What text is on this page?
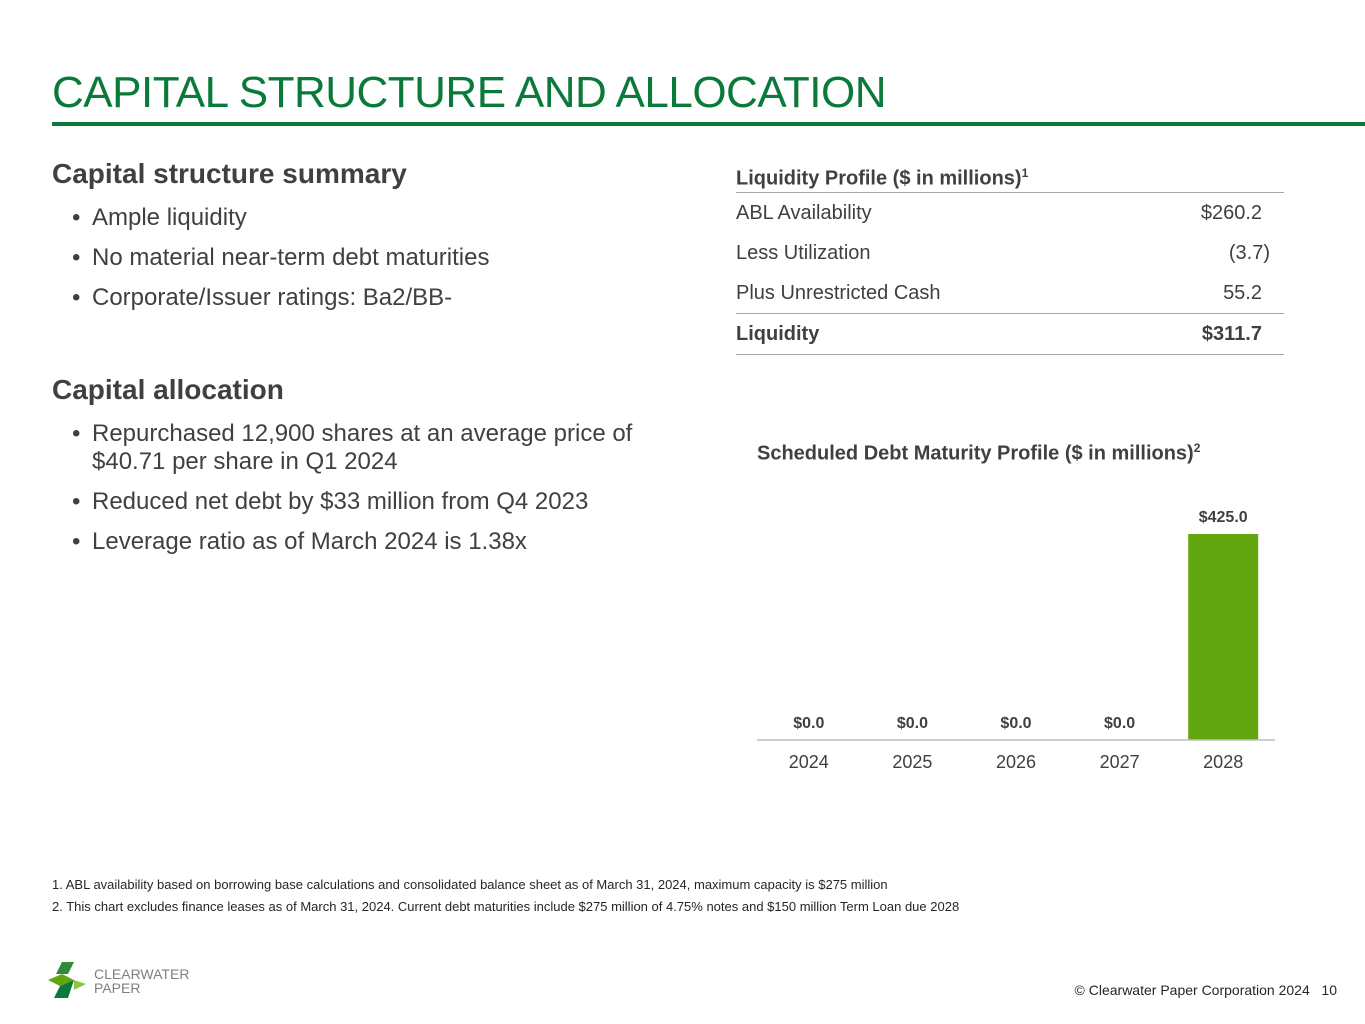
CAPITAL STRUCTURE AND ALLOCATION
Capital structure summary
• Ample liquidity
• No material near-term debt maturities
• Corporate/Issuer ratings: Ba2/BB-
Capital allocation
• Repurchased 12,900 shares at an average price of $40.71 per share in Q1 2024
• Reduced net debt by $33 million from Q4 2023
• Leverage ratio as of March 2024 is 1.38x
Liquidity Profile ($ in millions)$^1$
ABL Availability	$260.2
Less Utilization	(3.7)
Plus Unrestricted Cash	55.2
Liquidity	$311.7
Scheduled Debt Maturity Profile ($ in millions)$^2$
$0.0
2024
$0.0
2025
$0.0
2026
$0.0
2027
$425.0
2028
1. ABL availability based on borrowing base calculations and consolidated balance sheet as of March 31, 2024, maximum capacity is $275 million
2. This chart excludes finance leases as of March 31, 2024. Current debt maturities include $275 million of 4.75% notes and $150 million Term Loan due 2028
CLEARWATER
PAPER	© Clearwater Paper Corporation 2024 10
